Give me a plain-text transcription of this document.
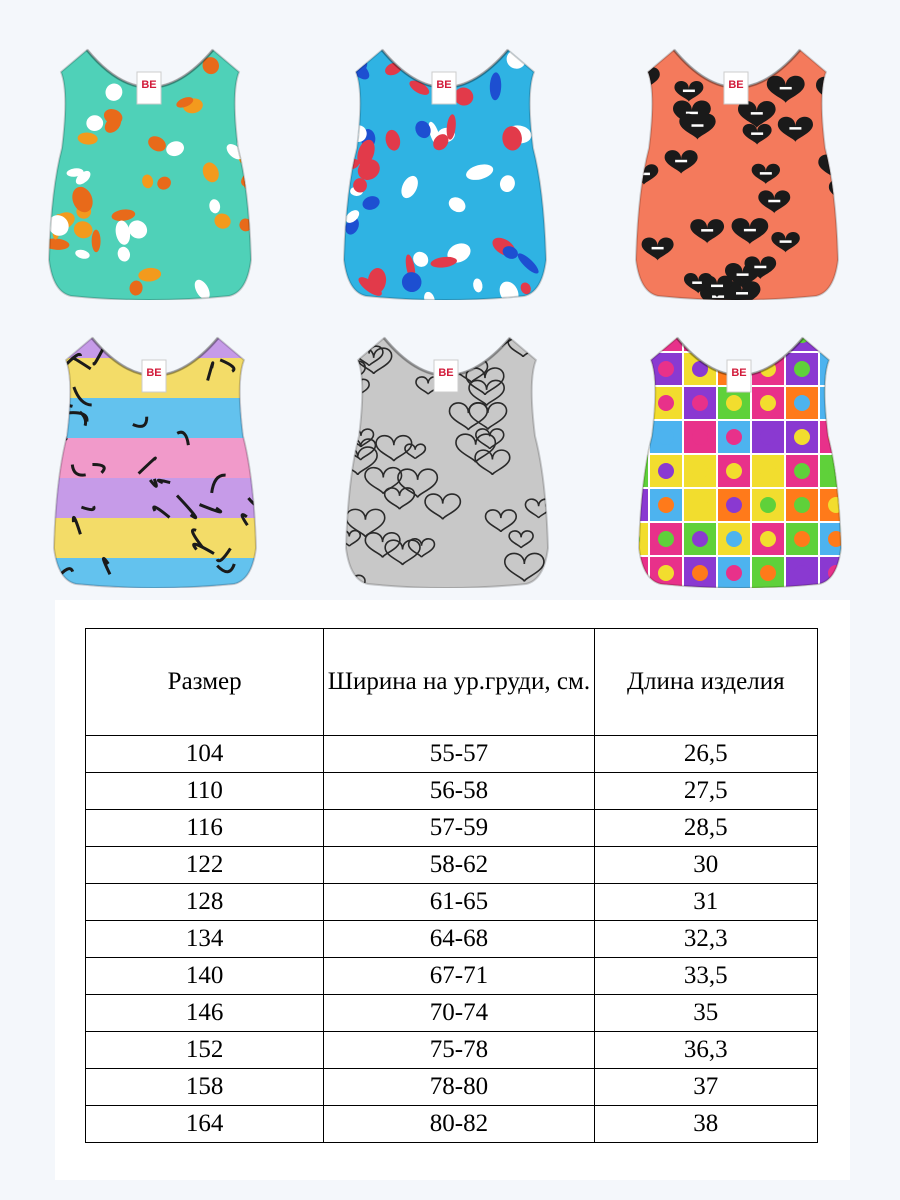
BE	BE	BE
BE	BE	BE
Размер	Ширина на ур.груди, см.	Длина изделия
104	55-57	26,5
110	56-58	27,5
116	57-59	28,5
122	58-62	30
128	61-65	31
134	64-68	32,3
140	67-71	33,5
146	70-74	35
152	75-78	36,3
158	78-80	37
164	80-82	38
